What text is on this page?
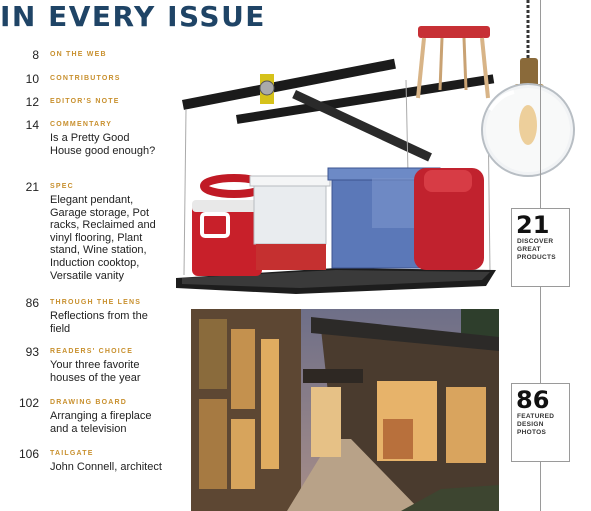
IN EVERY ISSUE
8 ON THE WEB
10 CONTRIBUTORS
12 EDITOR'S NOTE
14 COMMENTARY
Is a Pretty Good House good enough?
21 SPEC
Elegant pendant, Garage storage, Pot racks, Reclaimed and vinyl flooring, Plant stand, Wine station, Induction cooktop, Versatile vanity
86 THROUGH THE LENS
Reflections from the field
93 READERS' CHOICE
Your three favorite houses of the year
102 DRAWING BOARD
Arranging a fireplace and a television
106 TAILGATE
John Connell, architect
21
DISCOVER
GREAT
PRODUCTS
86
FEATURED
DESIGN
PHOTOS
